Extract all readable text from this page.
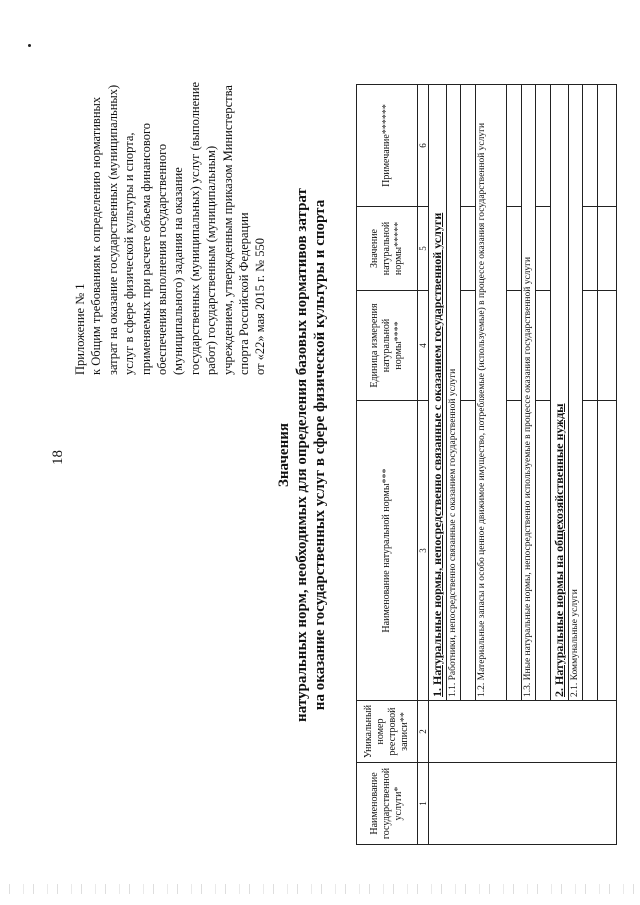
18
Приложение № 1 к Общим требованиям к определению нормативных затрат на оказание государственных (муниципальных) услуг в сфере физической культуры и спорта, применяемых при расчете объема финансового обеспечения выполнения государственного (муниципального) задания на оказание государственных (муниципальных) услуг (выполнение работ) государственным (муниципальным) учреждением, утвержденным приказом Министерства спорта Российской Федерации от «22» мая 2015 г. № 550
Значения натуральных норм, необходимых для определения базовых нормативов затрат на оказание государственных услуг в сфере физической культуры и спорта
Наименование государственной услуги*	Уникальный номер реестровой записи**	Наименование натуральной нормы***	Единица измерения натуральной нормы****	Значение натуральной нормы*****	Примечание******
1	2	3	4	5	6
		1. Натуральные нормы, непосредственно связанные с оказанием государственной услуги			
		1.1. Работники, непосредственно связанные с оказанием государственной услуги			

		1.2. Материальные запасы и особо ценное движимое имущество, потребляемые (используемые) в процессе оказания государственной услуги			

		1.3. Иные натуральные нормы, непосредственно используемые в процессе оказания государственной услуги			

		2. Натуральные нормы на общехозяйственные нужды			
		2.1. Коммунальные услуги			
